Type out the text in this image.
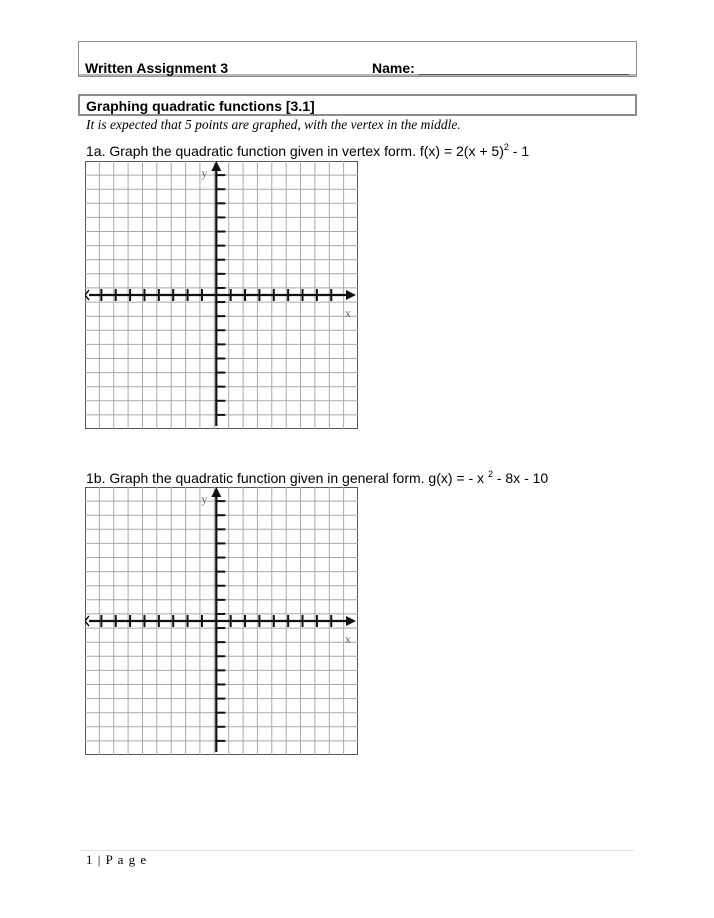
Written Assignment 3	Name: ___________________________
Graphing quadratic functions [3.1]
It is expected that 5 points are graphed, with the vertex in the middle.
1a. Graph the quadratic function given in vertex form. $f(x) = 2(x + 5)^2 - 1$
x
y
1b. Graph the quadratic function given in general form. g(x) = - x $^2$ - 8x - 10
x
y
1 | P a g e
